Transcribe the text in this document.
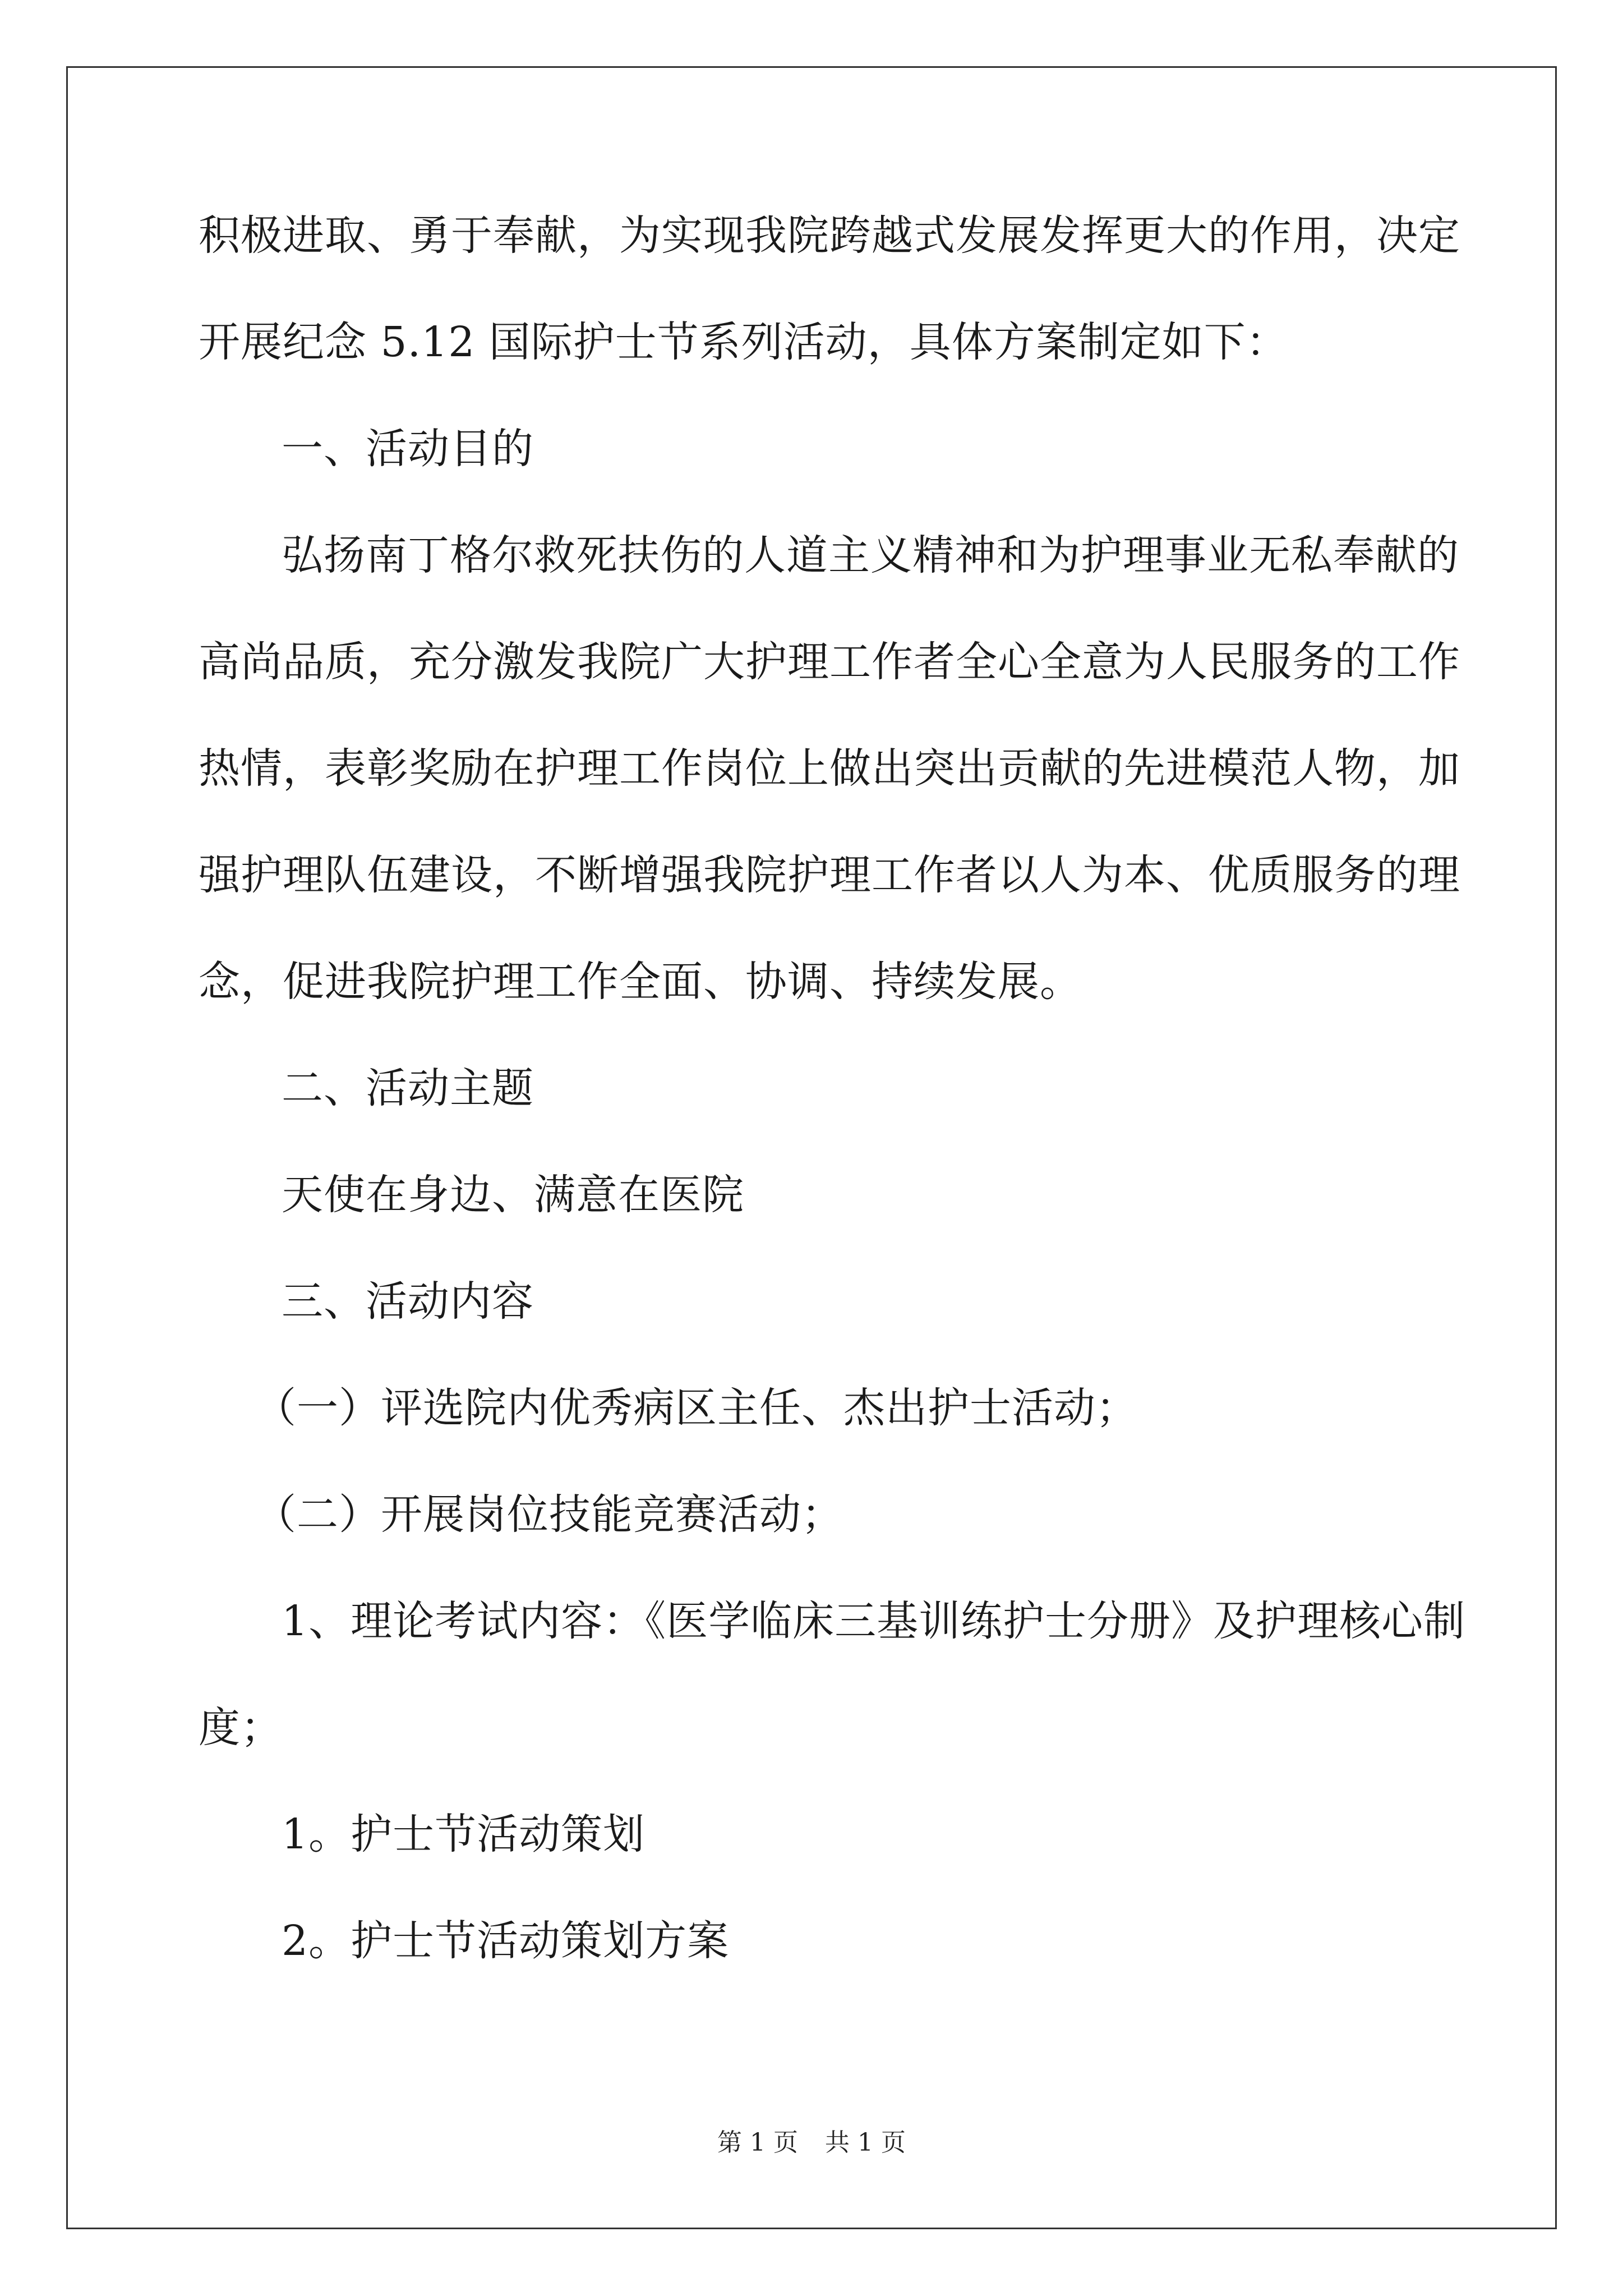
积极进取、勇于奉献，为实现我院跨越式发展发挥更大的作用，决定
开展纪念 5.12 国际护士节系列活动，具体方案制定如下：
一、活动目的
弘扬南丁格尔救死扶伤的人道主义精神和为护理事业无私奉献的
高尚品质，充分激发我院广大护理工作者全心全意为人民服务的工作
热情，表彰奖励在护理工作岗位上做出突出贡献的先进模范人物，加
强护理队伍建设，不断增强我院护理工作者以人为本、优质服务的理
念，促进我院护理工作全面、协调、持续发展。
二、活动主题
天使在身边、满意在医院
三、活动内容
（一）评选院内优秀病区主任、杰出护士活动；
（二）开展岗位技能竞赛活动；
1、理论考试内容：《医学临床三基训练护士分册》及护理核心制
度；
1。护士节活动策划
2。护士节活动策划方案
第 1 页 共 1 页
